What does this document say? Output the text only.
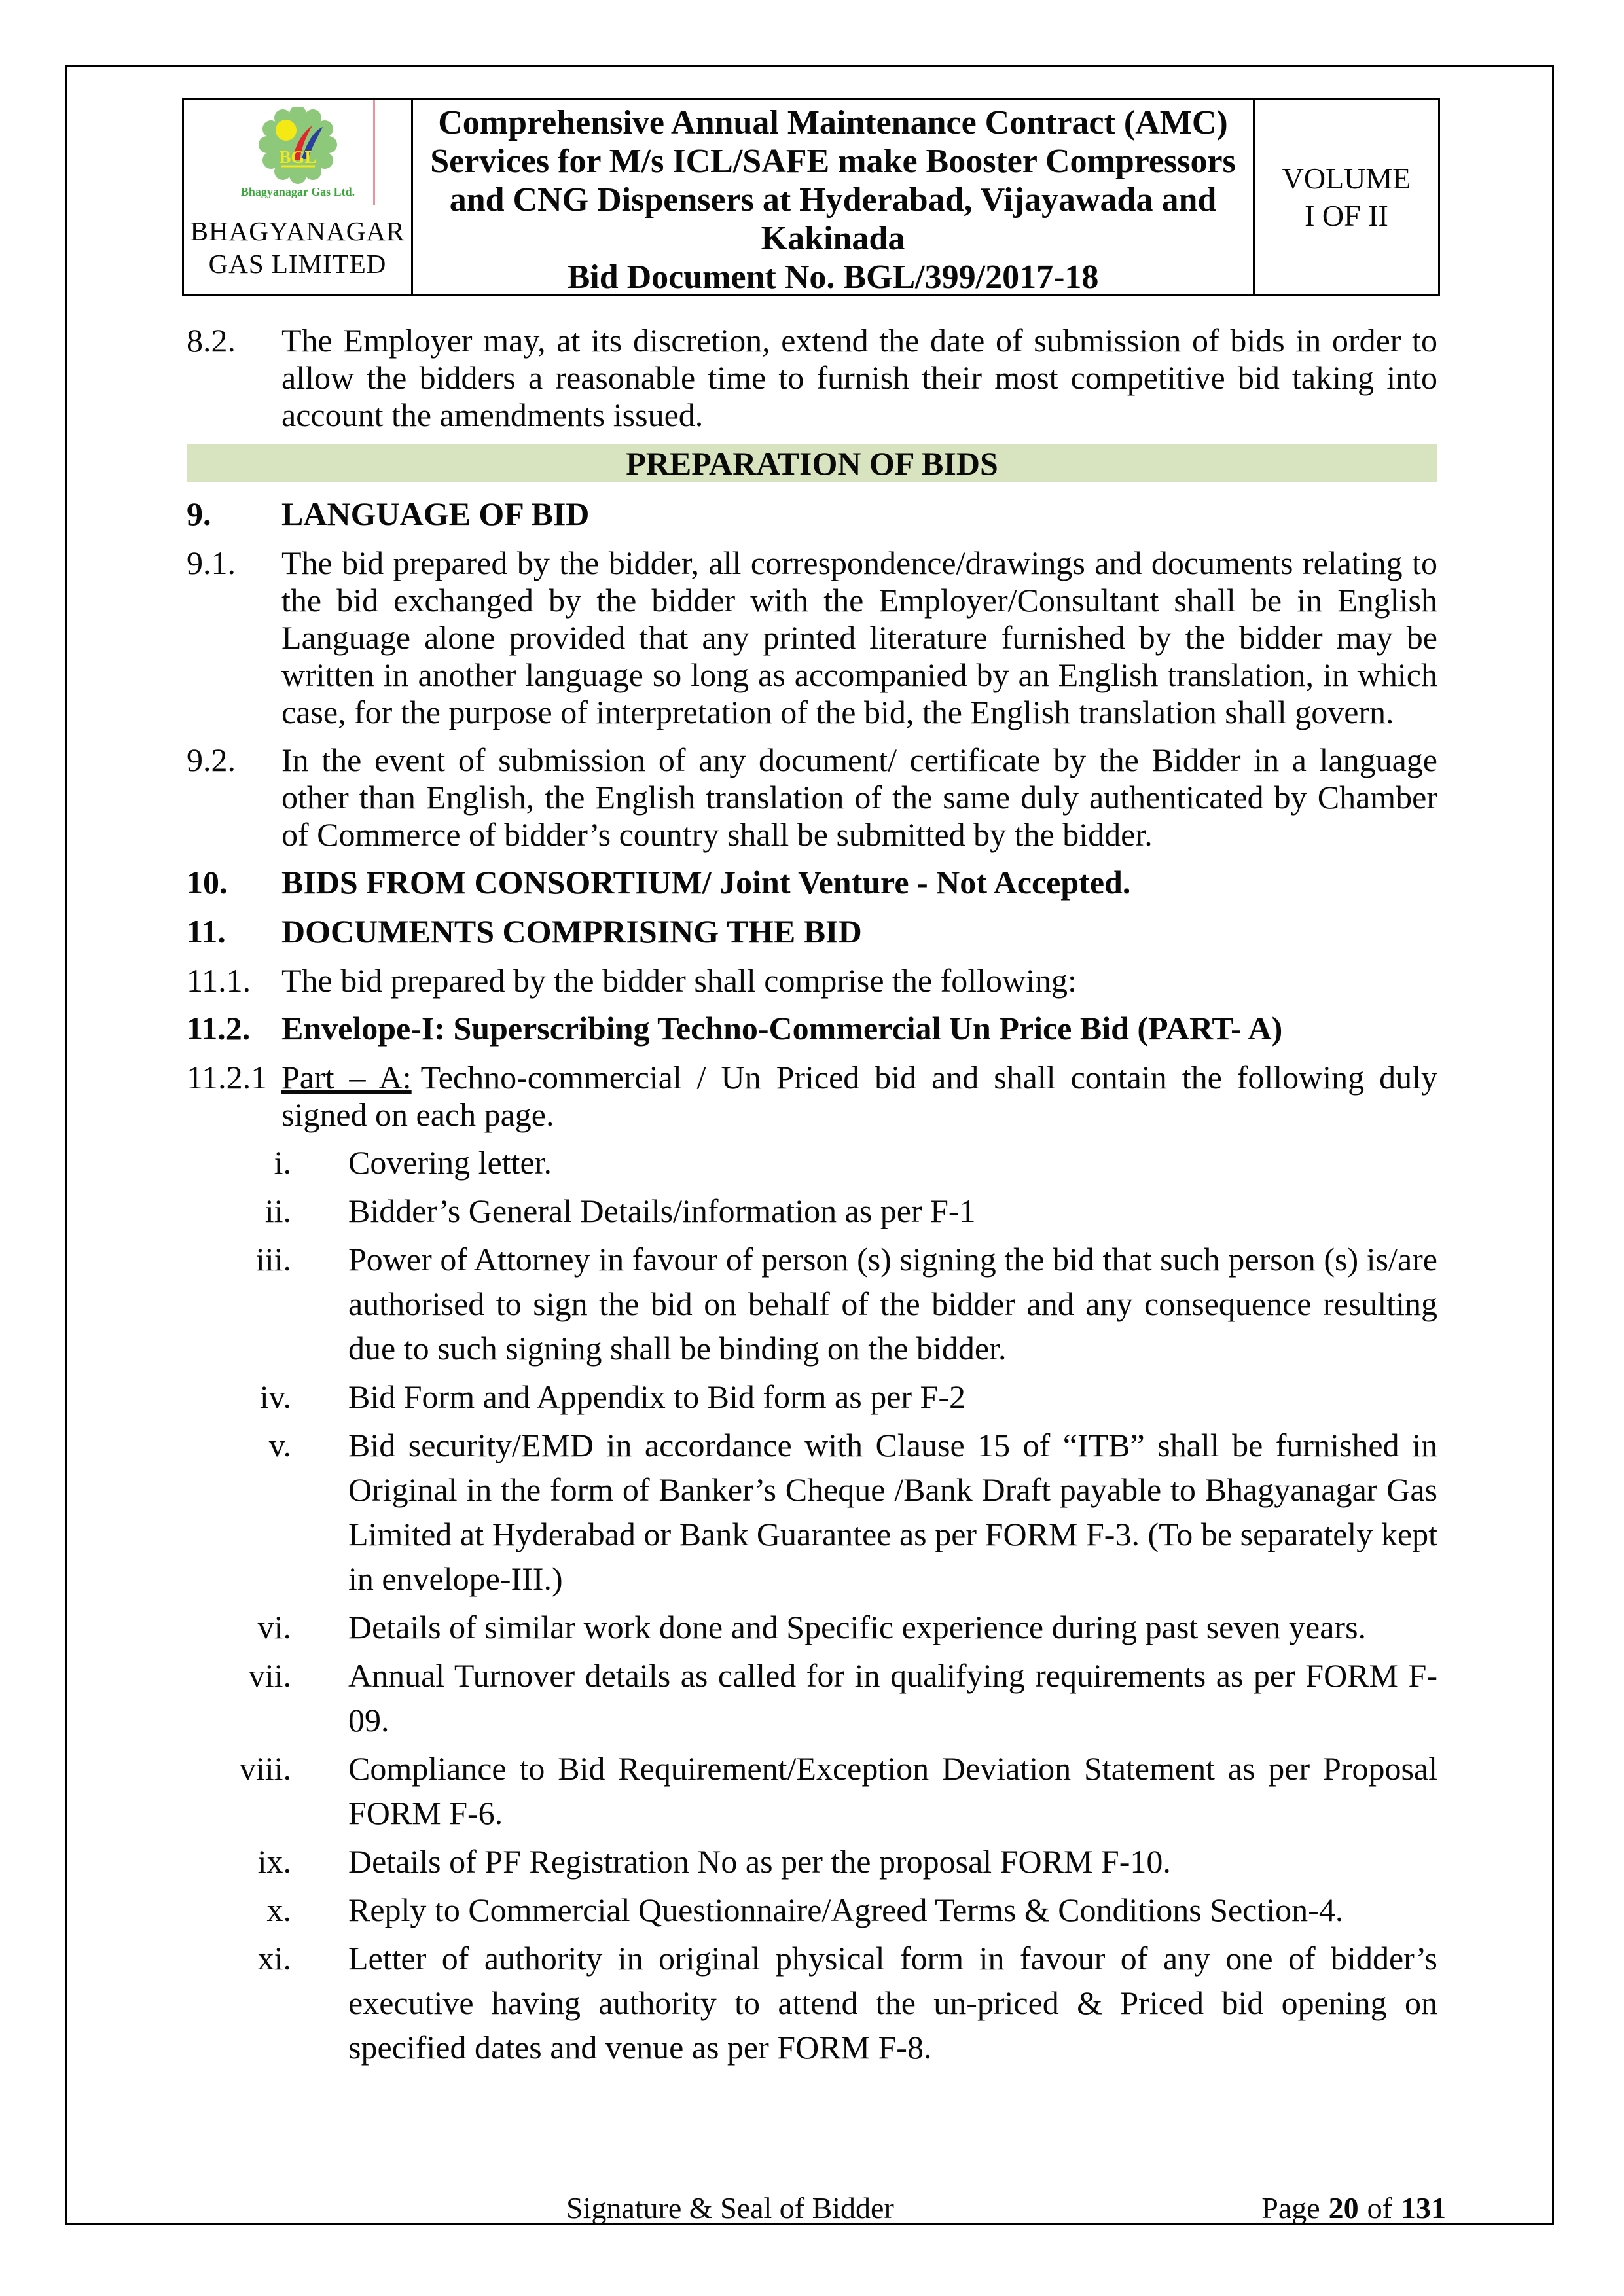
BGL
Bhagyanagar Gas Ltd.
BHAGYANAGAR
GAS LIMITED
Comprehensive Annual Maintenance Contract (AMC)
Services for M/s ICL/SAFE make Booster Compressors
and CNG Dispensers at Hyderabad, Vijayawada and
Kakinada
Bid Document No. BGL/399/2017-18
VOLUME
I OF II
8.2. The Employer may, at its discretion, extend the date of submission of bids in order to allow the bidders a reasonable time to furnish their most competitive bid taking into account the amendments issued.
PREPARATION OF BIDS
9. LANGUAGE OF BID
9.1. The bid prepared by the bidder, all correspondence/drawings and documents relating to the bid exchanged by the bidder with the Employer/Consultant shall be in English Language alone provided that any printed literature furnished by the bidder may be written in another language so long as accompanied by an English translation, in which case, for the purpose of interpretation of the bid, the English translation shall govern.
9.2. In the event of submission of any document/ certificate by the Bidder in a language other than English, the English translation of the same duly authenticated by Chamber of Commerce of bidder’s country shall be submitted by the bidder.
10. BIDS FROM CONSORTIUM/ Joint Venture - Not Accepted.
11. DOCUMENTS COMPRISING THE BID
11.1. The bid prepared by the bidder shall comprise the following:
11.2. Envelope-I: Superscribing Techno-Commercial Un Price Bid (PART- A)
11.2.1 Part – A: Techno-commercial / Un Priced bid and shall contain the following duly signed on each page.
i. Covering letter.
ii. Bidder’s General Details/information as per F-1
iii. Power of Attorney in favour of person (s) signing the bid that such person (s) is/are authorised to sign the bid on behalf of the bidder and any consequence resulting due to such signing shall be binding on the bidder.
iv. Bid Form and Appendix to Bid form as per F-2
v. Bid security/EMD in accordance with Clause 15 of “ITB” shall be furnished in Original in the form of Banker’s Cheque /Bank Draft payable to Bhagyanagar Gas Limited at Hyderabad or Bank Guarantee as per FORM F-3. (To be separately kept in envelope-III.)
vi. Details of similar work done and Specific experience during past seven years.
vii. Annual Turnover details as called for in qualifying requirements as per FORM F-09.
viii. Compliance to Bid Requirement/Exception Deviation Statement as per Proposal FORM F-6.
ix. Details of PF Registration No as per the proposal FORM F-10.
x. Reply to Commercial Questionnaire/Agreed Terms & Conditions Section-4.
xi. Letter of authority in original physical form in favour of any one of bidder’s executive having authority to attend the un-priced & Priced bid opening on specified dates and venue as per FORM F-8.
Signature & Seal of Bidder	Page 20 of 131
